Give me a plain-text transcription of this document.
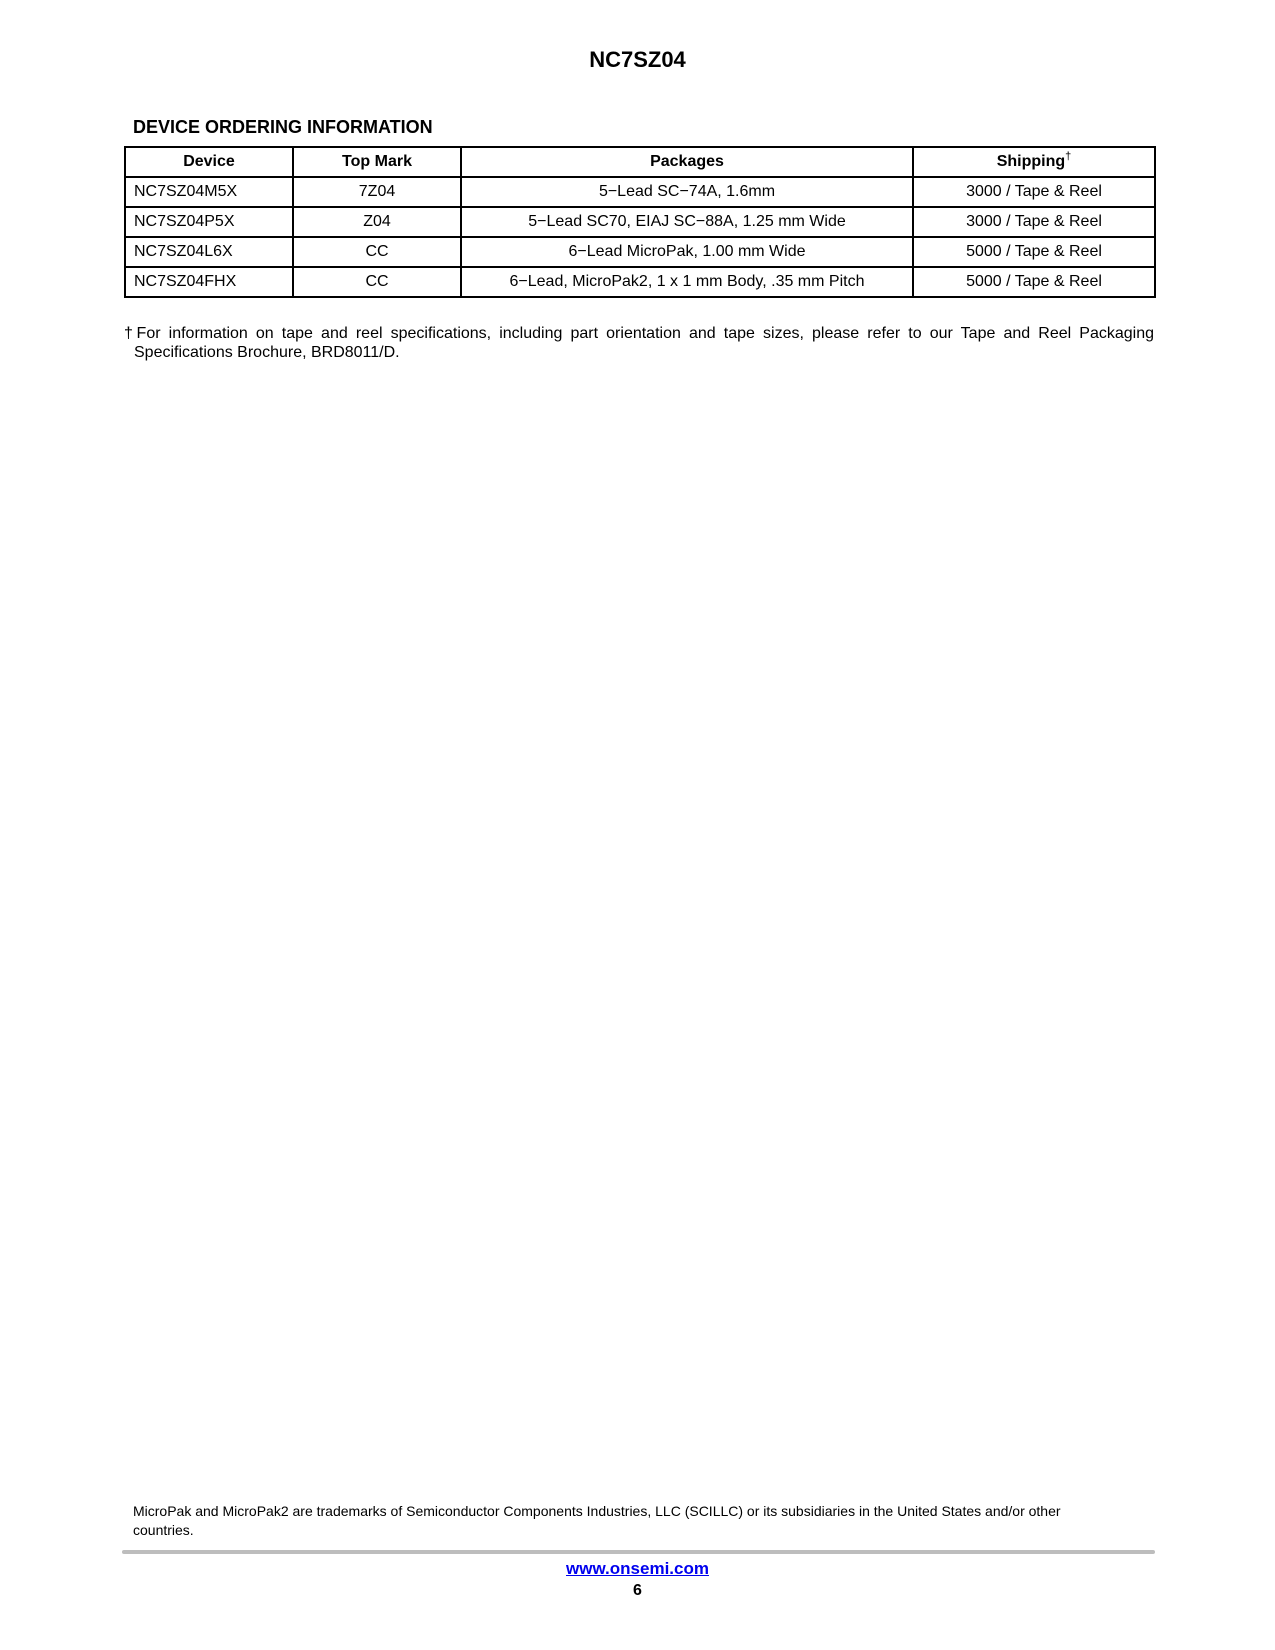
NC7SZ04
DEVICE ORDERING INFORMATION
Device	Top Mark	Packages	Shipping†
NC7SZ04M5X	7Z04	5−Lead SC−74A, 1.6mm	3000 / Tape & Reel
NC7SZ04P5X	Z04	5−Lead SC70, EIAJ SC−88A, 1.25 mm Wide	3000 / Tape & Reel
NC7SZ04L6X	CC	6−Lead MicroPak, 1.00 mm Wide	5000 / Tape & Reel
NC7SZ04FHX	CC	6−Lead, MicroPak2, 1 x 1 mm Body, .35 mm Pitch	5000 / Tape & Reel

†For information on tape and reel specifications, including part orientation and tape sizes, please refer to our Tape and Reel Packaging Specifications Brochure, BRD8011/D.

MicroPak and MicroPak2 are trademarks of Semiconductor Components Industries, LLC (SCILLC) or its subsidiaries in the United States and/or other countries.

www.onsemi.com
6
